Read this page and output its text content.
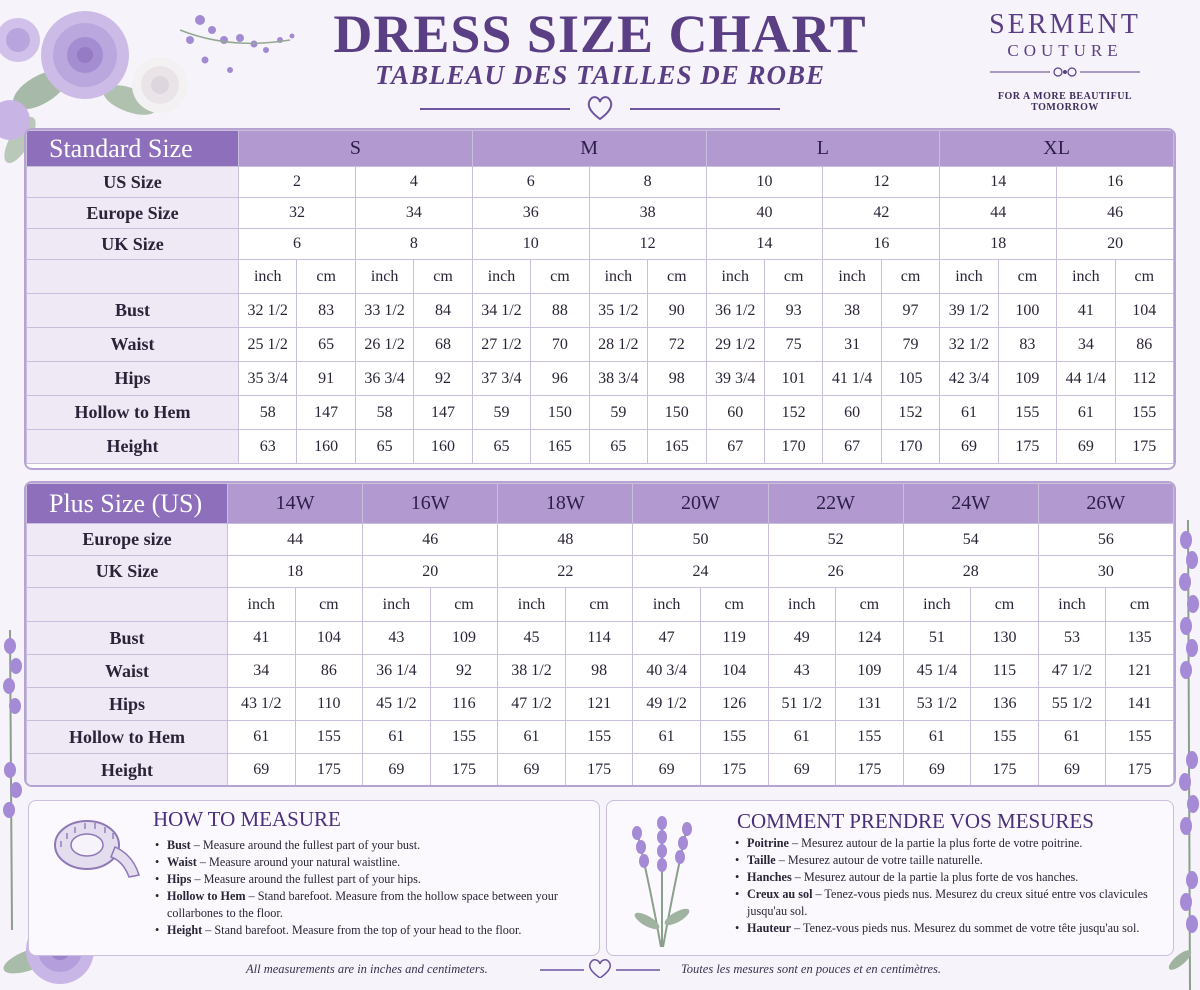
DRESS SIZE CHART
TABLEAU DES TAILLES DE ROBE
SERMENT
COUTURE
FOR A MORE BEAUTIFUL TOMORROW
Standard Size	S				M				L				XL			
US Size	2		4		6		8		10		12		14		16	
Europe Size	32		34		36		38		40		42		44		46	
UK Size	6		8		10		12		14		16		18		20	
	inch	cm	inch	cm	inch	cm	inch	cm	inch	cm	inch	cm	inch	cm	inch	cm
Bust	32 1/2	83	33 1/2	84	34 1/2	88	35 1/2	90	36 1/2	93	38	97	39 1/2	100	41	104
Waist	25 1/2	65	26 1/2	68	27 1/2	70	28 1/2	72	29 1/2	75	31	79	32 1/2	83	34	86
Hips	35 3/4	91	36 3/4	92	37 3/4	96	38 3/4	98	39 3/4	101	41 1/4	105	42 3/4	109	44 1/4	112
Hollow to Hem	58	147	58	147	59	150	59	150	60	152	60	152	61	155	61	155
Height	63	160	65	160	65	165	65	165	67	170	67	170	69	175	69	175
Plus Size (US)	14W		16W		18W		20W		22W		24W		26W	
Europe size	44		46		48		50		52		54		56	
UK Size	18		20		22		24		26		28		30	
	inch	cm	inch	cm	inch	cm	inch	cm	inch	cm	inch	cm	inch	cm
Bust	41	104	43	109	45	114	47	119	49	124	51	130	53	135
Waist	34	86	36 1/4	92	38 1/2	98	40 3/4	104	43	109	45 1/4	115	47 1/2	121
Hips	43 1/2	110	45 1/2	116	47 1/2	121	49 1/2	126	51 1/2	131	53 1/2	136	55 1/2	141
Hollow to Hem	61	155	61	155	61	155	61	155	61	155	61	155	61	155
Height	69	175	69	175	69	175	69	175	69	175	69	175	69	175
HOW TO MEASURE
• Bust – Measure around the fullest part of your bust.
• Waist – Measure around your natural waistline.
• Hips – Measure around the fullest part of your hips.
• Hollow to Hem – Stand barefoot. Measure from the hollow space between your collarbones to the floor.
• Height – Stand barefoot. Measure from the top of your head to the floor.
COMMENT PRENDRE VOS MESURES
• Poitrine – Mesurez autour de la partie la plus forte de votre poitrine.
• Taille – Mesurez autour de votre taille naturelle.
• Hanches – Mesurez autour de la partie la plus forte de vos hanches.
• Creux au sol – Tenez-vous pieds nus. Mesurez du creux situé entre vos clavicules jusqu'au sol.
• Hauteur – Tenez-vous pieds nus. Mesurez du sommet de votre tête jusqu'au sol.
All measurements are in inches and centimeters.	Toutes les mesures sont en pouces et en centimètres.
